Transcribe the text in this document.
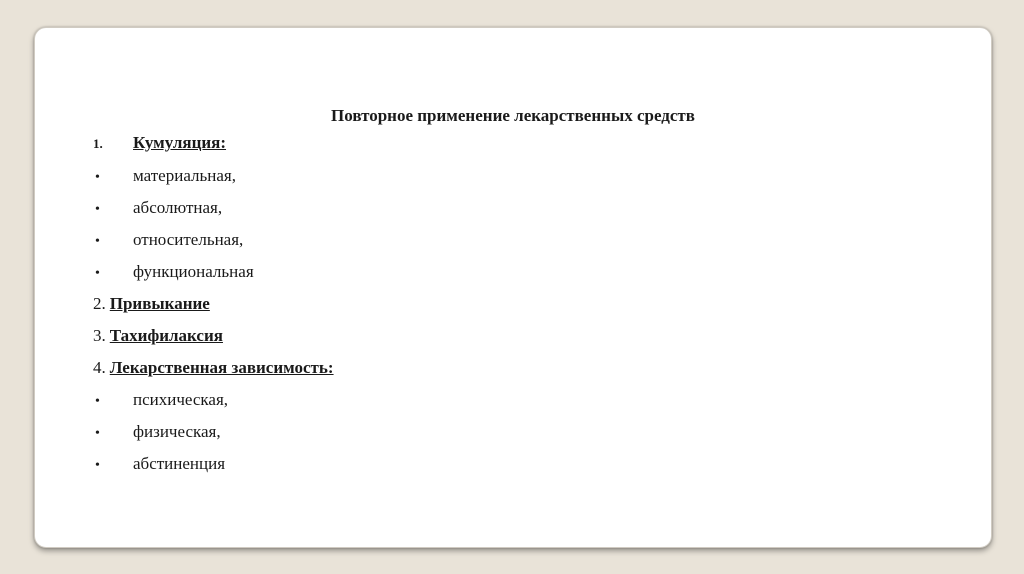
Повторное применение лекарственных средств
1. Кумуляция:
• материальная,
• абсолютная,
• относительная,
• функциональная
2. Привыкание
3. Тахифилаксия
4. Лекарственная зависимость:
• психическая,
• физическая,
• абстиненция
